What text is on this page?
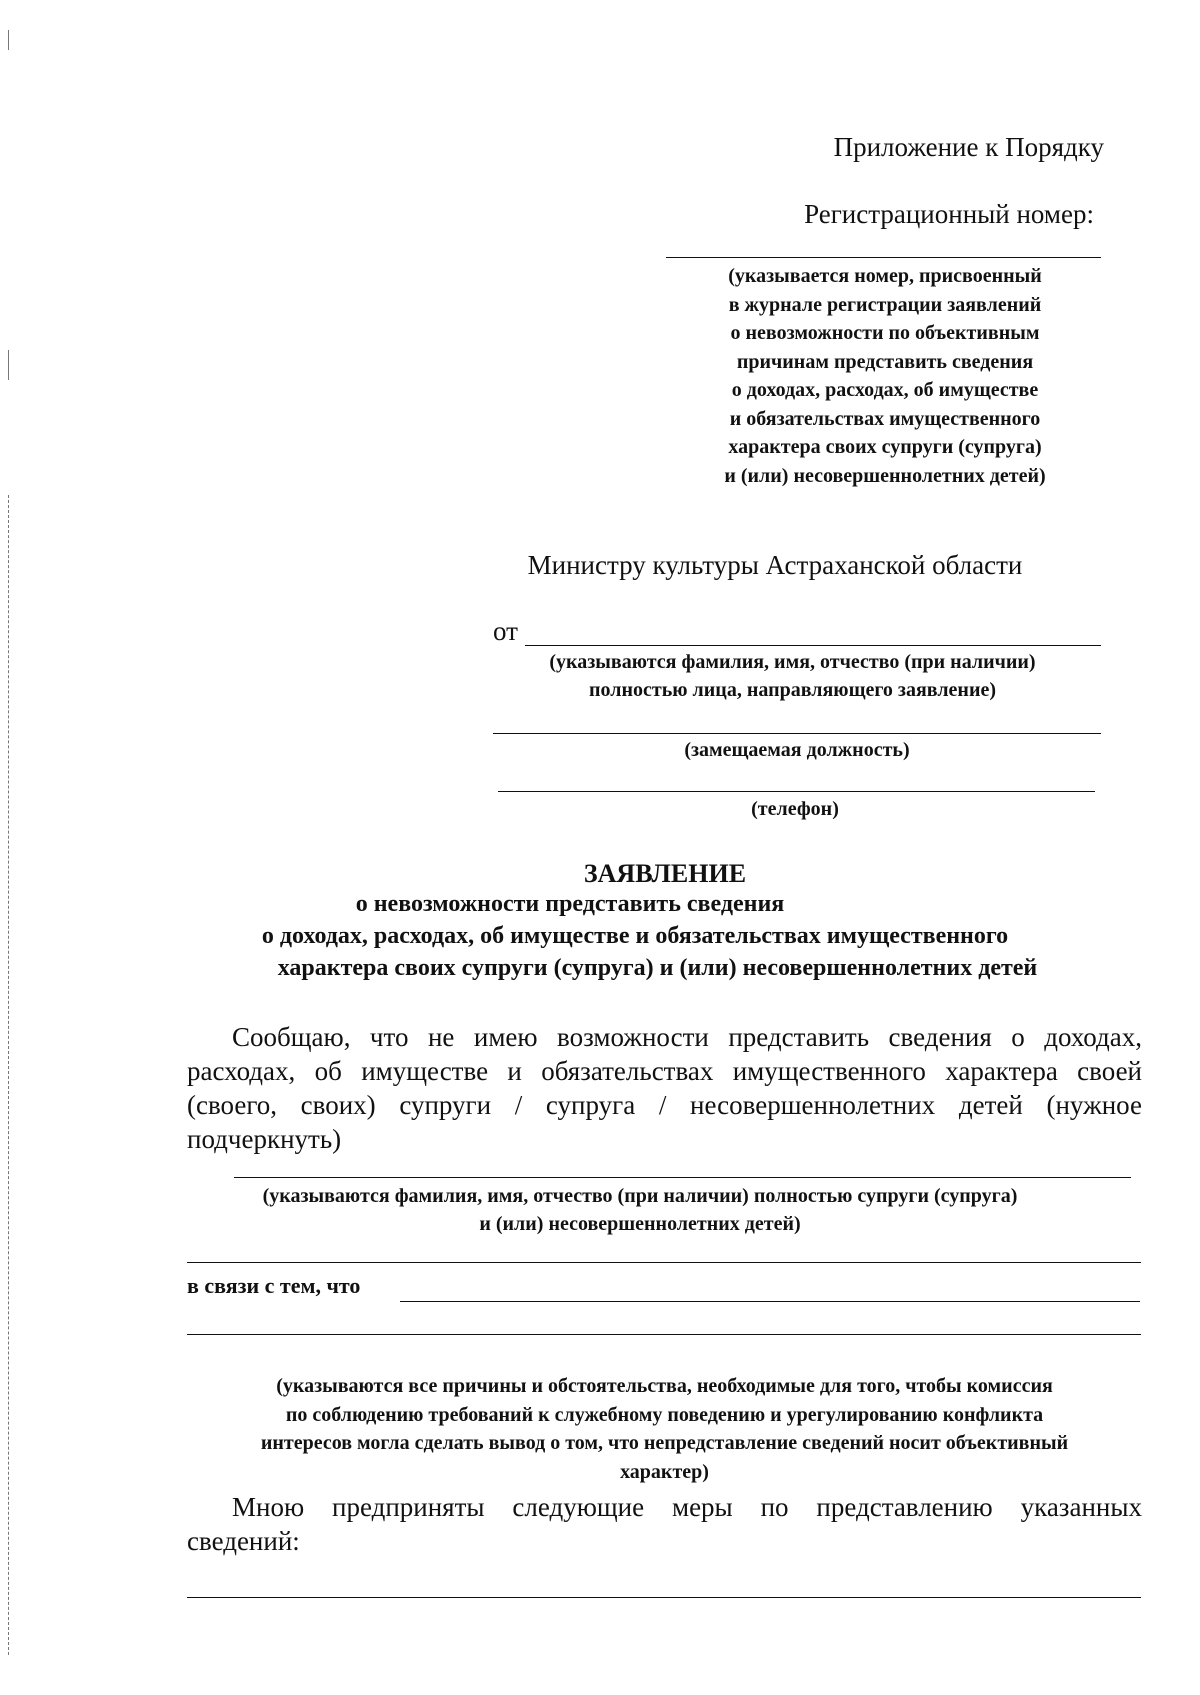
Приложение к Порядку
Регистрационный номер:
(указывается номер, присвоенный
в журнале регистрации заявлений
о невозможности по объективным
причинам представить сведения
о доходах, расходах, об имуществе
и обязательствах имущественного
характера своих супруги (супруга)
и (или) несовершеннолетних детей)
Министру культуры Астраханской области
от
(указываются фамилия, имя, отчество (при наличии)
полностью лица, направляющего заявление)
(замещаемая должность)
(телефон)
ЗАЯВЛЕНИЕ
о невозможности представить сведения
о доходах, расходах, об имуществе и обязательствах имущественного
характера своих супруги (супруга) и (или) несовершеннолетних детей
Сообщаю, что не имею возможности представить сведения о доходах,
расходах, об имуществе и обязательствах имущественного характера своей
(своего, своих) супруги / супруга / несовершеннолетних детей (нужное
подчеркнуть)
(указываются фамилия, имя, отчество (при наличии) полностью супруги (супруга)
и (или) несовершеннолетних детей)
в связи с тем, что
(указываются все причины и обстоятельства, необходимые для того, чтобы комиссия
по соблюдению требований к служебному поведению и урегулированию конфликта
интересов могла сделать вывод о том, что непредставление сведений носит объективный
характер)
Мною предприняты следующие меры по представлению указанных
сведений:
